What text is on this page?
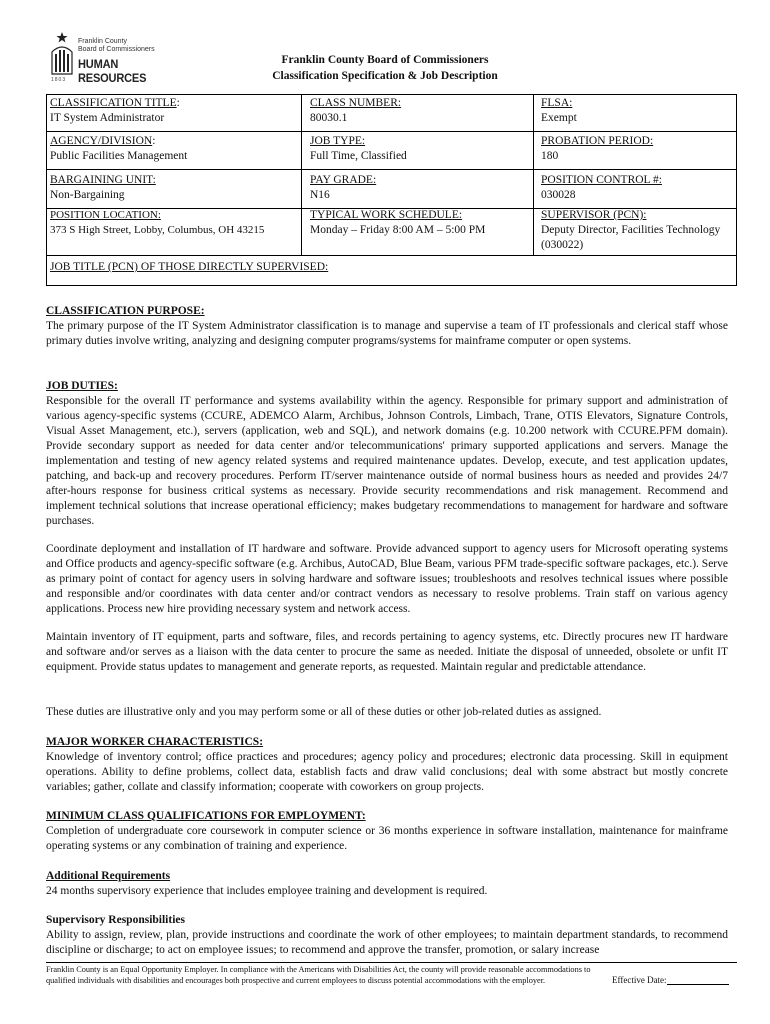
Franklin County
Board of Commissioners
HUMAN RESOURCES
1803
Franklin County Board of Commissioners
Classification Specification & Job Description
CLASSIFICATION TITLE:
IT System Administrator
CLASS NUMBER:
80030.1
FLSA:
Exempt
AGENCY/DIVISION:
Public Facilities Management
JOB TYPE:
Full Time, Classified
PROBATION PERIOD:
180
BARGAINING UNIT:
Non-Bargaining
PAY GRADE:
N16
POSITION CONTROL #:
030028
POSITION LOCATION:
373 S High Street, Lobby, Columbus, OH 43215
TYPICAL WORK SCHEDULE:
Monday – Friday 8:00 AM – 5:00 PM
SUPERVISOR (PCN):
Deputy Director, Facilities Technology (030022)
JOB TITLE (PCN) OF THOSE DIRECTLY SUPERVISED:
CLASSIFICATION PURPOSE:

The primary purpose of the IT System Administrator classification is to manage and supervise a team of IT professionals and clerical staff whose primary duties involve writing, analyzing and designing computer programs/systems for mainframe computer or open systems.

JOB DUTIES:

Responsible for the overall IT performance and systems availability within the agency. Responsible for primary support and administration of various agency-specific systems (CCURE, ADEMCO Alarm, Archibus, Johnson Controls, Limbach, Trane, OTIS Elevators, Signature Controls, Visual Asset Management, etc.), servers (application, web and SQL), and network domains (e.g. 10.200 network with CCURE.PFM domain). Provide secondary support as needed for data center and/or telecommunications' primary supported applications and servers. Manage the implementation and testing of new agency related systems and required maintenance updates. Develop, execute, and test application updates, patching, and back-up and recovery procedures. Perform IT/server maintenance outside of normal business hours as needed and provides 24/7 after-hours response for business critical systems as necessary. Provide security recommendations and risk management. Recommend and implement technical solutions that increase operational efficiency; makes budgetary recommendations to management for hardware and software purchases.

Coordinate deployment and installation of IT hardware and software. Provide advanced support to agency users for Microsoft operating systems and Office products and agency-specific software (e.g. Archibus, AutoCAD, Blue Beam, various PFM trade-specific software packages, etc.). Serve as primary point of contact for agency users in solving hardware and software issues; troubleshoots and resolves technical issues where possible and responsible and/or coordinates with data center and/or contract vendors as necessary to resolve problems. Train staff on various agency applications. Process new hire providing necessary system and network access.

Maintain inventory of IT equipment, parts and software, files, and records pertaining to agency systems, etc. Directly procures new IT hardware and software and/or serves as a liaison with the data center to procure the same as needed. Initiate the disposal of unneeded, obsolete or unfit IT equipment. Provide status updates to management and generate reports, as requested. Maintain regular and predictable attendance.

These duties are illustrative only and you may perform some or all of these duties or other job-related duties as assigned.

MAJOR WORKER CHARACTERISTICS:

Knowledge of inventory control; office practices and procedures; agency policy and procedures; electronic data processing. Skill in equipment operations. Ability to define problems, collect data, establish facts and draw valid conclusions; deal with some abstract but mostly concrete variables; gather, collate and classify information; cooperate with coworkers on group projects.

MINIMUM CLASS QUALIFICATIONS FOR EMPLOYMENT:

Completion of undergraduate core coursework in computer science or 36 months experience in software installation, maintenance for mainframe operating systems or any combination of training and experience.

Additional Requirements

24 months supervisory experience that includes employee training and development is required.

Supervisory Responsibilities

Ability to assign, review, plan, provide instructions and coordinate the work of other employees; to maintain department standards, to recommend discipline or discharge; to act on employee issues; to recommend and approve the transfer, promotion, or salary increase

Franklin County is an Equal Opportunity Employer. In compliance with the Americans with Disabilities Act, the county will provide reasonable accommodations to qualified individuals with disabilities and encourages both prospective and current employees to discuss potential accommodations with the employer.	Effective Date:
